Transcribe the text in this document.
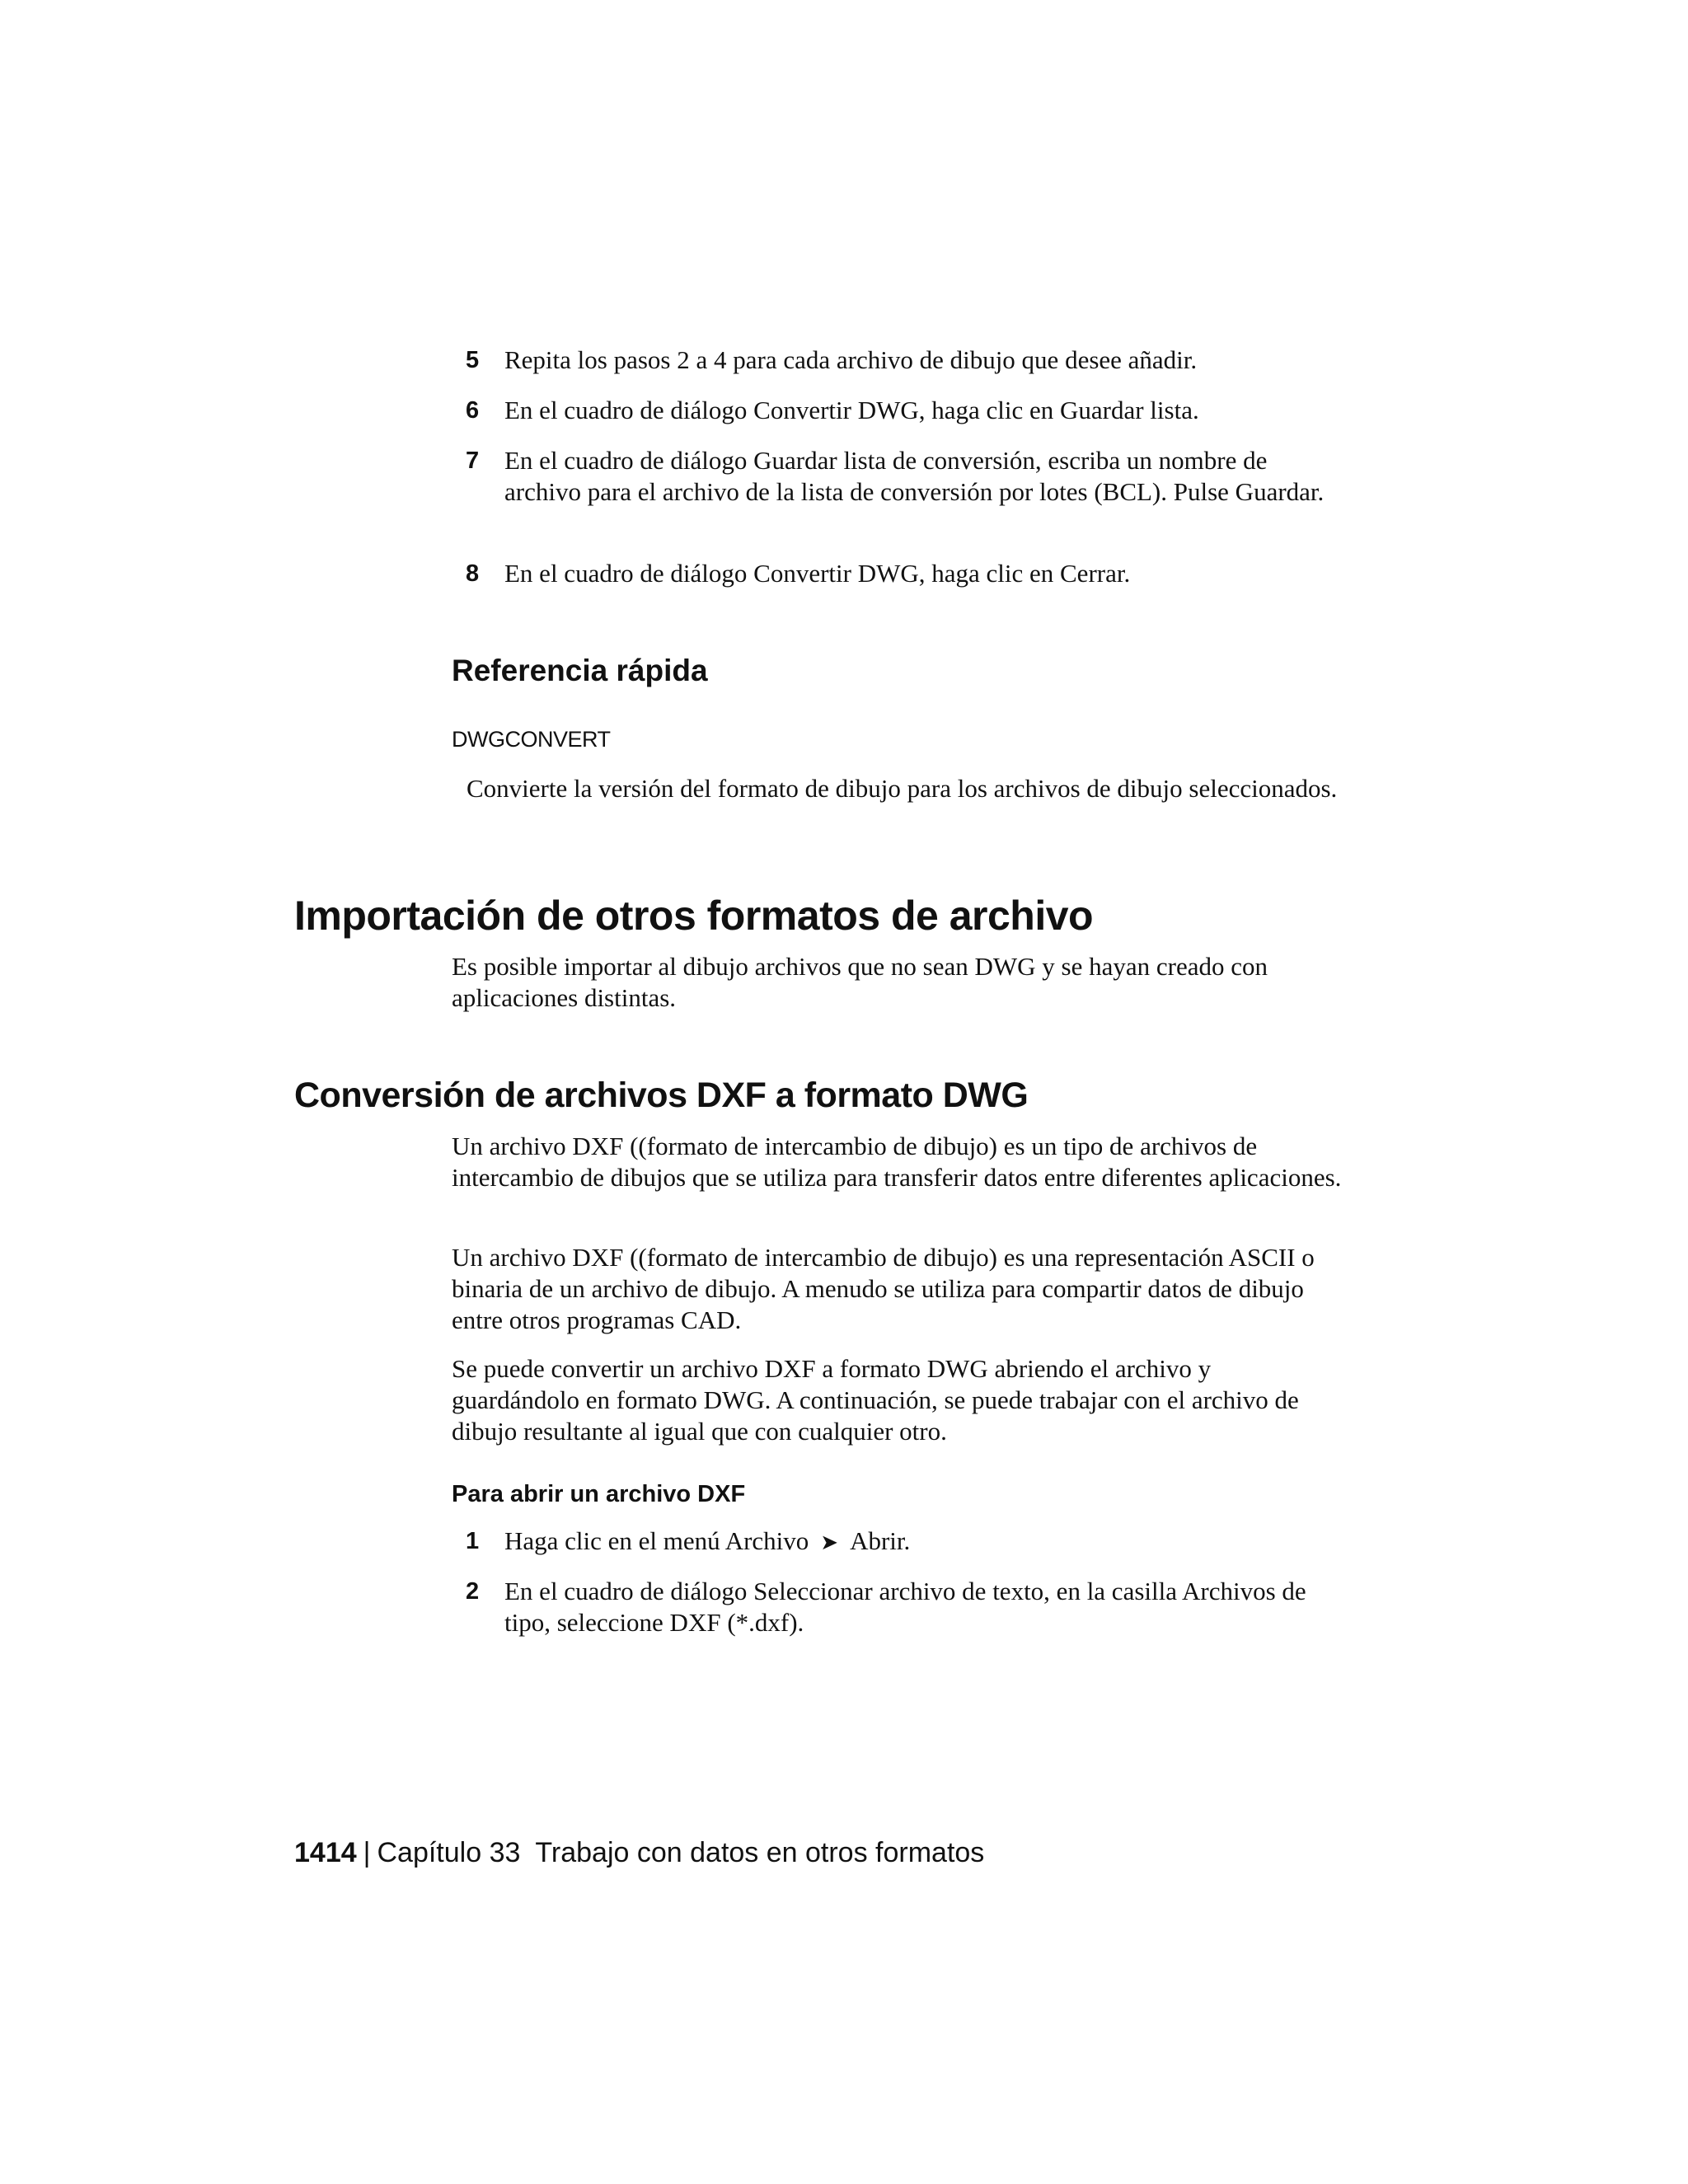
5 Repita los pasos 2 a 4 para cada archivo de dibujo que desee añadir.
6 En el cuadro de diálogo Convertir DWG, haga clic en Guardar lista.
7 En el cuadro de diálogo Guardar lista de conversión, escriba un nombre de archivo para el archivo de la lista de conversión por lotes (BCL). Pulse Guardar.
8 En el cuadro de diálogo Convertir DWG, haga clic en Cerrar.
Referencia rápida
DWGCONVERT
Convierte la versión del formato de dibujo para los archivos de dibujo seleccionados.
Importación de otros formatos de archivo
Es posible importar al dibujo archivos que no sean DWG y se hayan creado con aplicaciones distintas.
Conversión de archivos DXF a formato DWG
Un archivo DXF ((formato de intercambio de dibujo) es un tipo de archivos de intercambio de dibujos que se utiliza para transferir datos entre diferentes aplicaciones.
Un archivo DXF ((formato de intercambio de dibujo) es una representación ASCII o binaria de un archivo de dibujo. A menudo se utiliza para compartir datos de dibujo entre otros programas CAD.
Se puede convertir un archivo DXF a formato DWG abriendo el archivo y guardándolo en formato DWG. A continuación, se puede trabajar con el archivo de dibujo resultante al igual que con cualquier otro.
Para abrir un archivo DXF
1 Haga clic en el menú Archivo ➤ Abrir.
2 En el cuadro de diálogo Seleccionar archivo de texto, en la casilla Archivos de tipo, seleccione DXF (*.dxf).
1414 | Capítulo 33 Trabajo con datos en otros formatos
